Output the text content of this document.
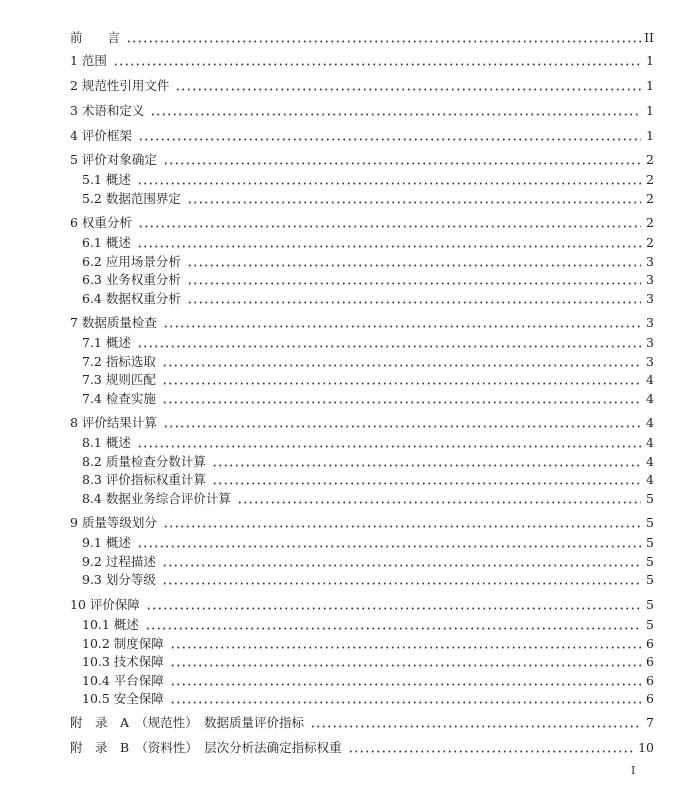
前　　言	II
1 范围	1
2 规范性引用文件	1
3 术语和定义	1
4 评价框架	1
5 评价对象确定	2
5.1 概述	2
5.2 数据范围界定	2
6 权重分析	2
6.1 概述	2
6.2 应用场景分析	3
6.3 业务权重分析	3
6.4 数据权重分析	3
7 数据质量检查	3
7.1 概述	3
7.2 指标选取	3
7.3 规则匹配	4
7.4 检查实施	4
8 评价结果计算	4
8.1 概述	4
8.2 质量检查分数计算	4
8.3 评价指标权重计算	4
8.4 数据业务综合评价计算	5
9 质量等级划分	5
9.1 概述	5
9.2 过程描述	5
9.3 划分等级	5
10 评价保障	5
10.1 概述	5
10.2 制度保障	6
10.3 技术保障	6
10.4 平台保障	6
10.5 安全保障	6
附　录　A　（规范性）　数据质量评价指标	7
附　录　B　（资料性）　层次分析法确定指标权重	10
I
